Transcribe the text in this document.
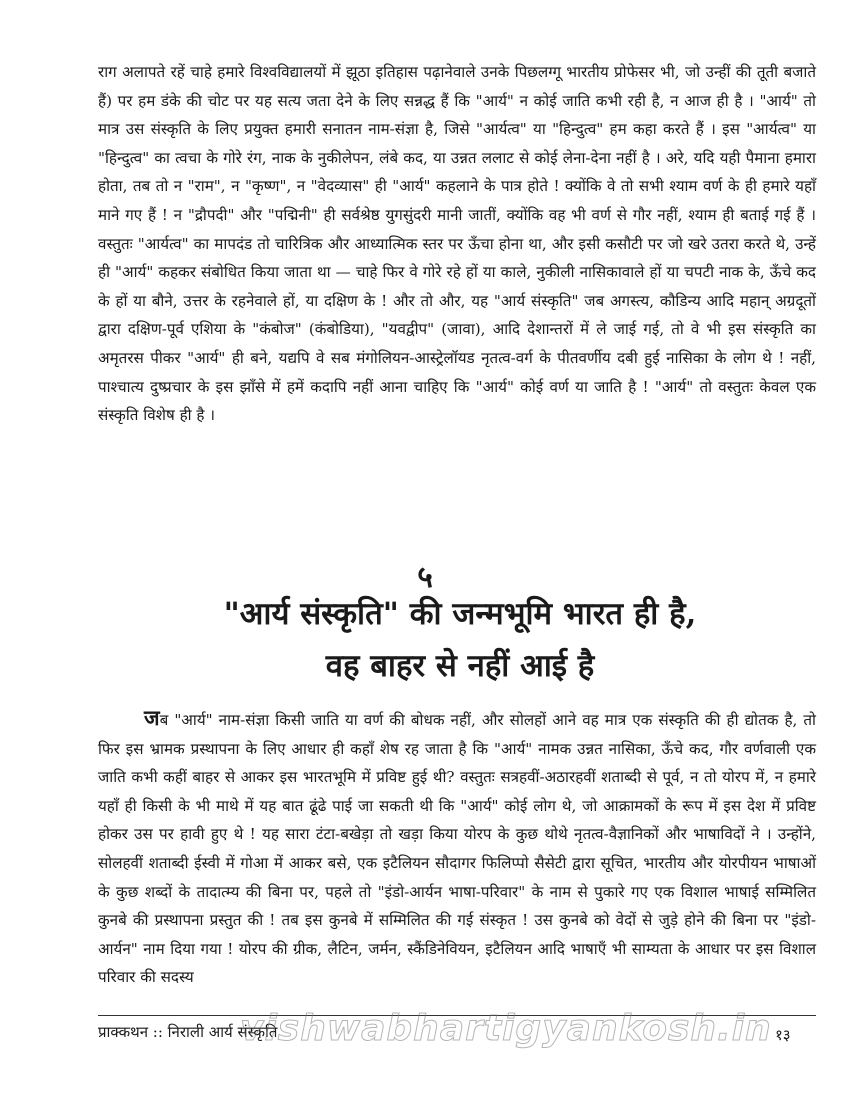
राग अलापते रहें चाहे हमारे विश्वविद्यालयों में झूठा इतिहास पढ़ानेवाले उनके पिछलग्गू भारतीय प्रोफेसर भी, जो उन्हीं की तूती बजाते हैं) पर हम डंके की चोट पर यह सत्य जता देने के लिए सन्नद्ध हैं कि "आर्य" न कोई जाति कभी रही है, न आज ही है । "आर्य" तो मात्र उस संस्कृति के लिए प्रयुक्त हमारी सनातन नाम-संज्ञा है, जिसे "आर्यत्व" या "हिन्दुत्व" हम कहा करते हैं । इस "आर्यत्व" या "हिन्दुत्व" का त्वचा के गोरे रंग, नाक के नुकीलेपन, लंबे कद, या उन्नत ललाट से कोई लेना-देना नहीं है । अरे, यदि यही पैमाना हमारा होता, तब तो न "राम", न "कृष्ण", न "वेदव्यास" ही "आर्य" कहलाने के पात्र होते ! क्योंकि वे तो सभी श्याम वर्ण के ही हमारे यहाँ माने गए हैं ! न "द्रौपदी" और "पद्मिनी" ही सर्वश्रेष्ठ युगसुंदरी मानी जातीं, क्योंकि वह भी वर्ण से गौर नहीं, श्याम ही बताई गई हैं । वस्तुतः "आर्यत्व" का मापदंड तो चारित्रिक और आध्यात्मिक स्तर पर ऊँचा होना था, और इसी कसौटी पर जो खरे उतरा करते थे, उन्हें ही "आर्य" कहकर संबोधित किया जाता था — चाहे फिर वे गोरे रहे हों या काले, नुकीली नासिकावाले हों या चपटी नाक के, ऊँचे कद के हों या बौने, उत्तर के रहनेवाले हों, या दक्षिण के ! और तो और, यह "आर्य संस्कृति" जब अगस्त्य, कौडिन्य आदि महान् अग्रदूतों द्वारा दक्षिण-पूर्व एशिया के "कंबोज" (कंबोडिया), "यवद्वीप" (जावा), आदि देशान्तरों में ले जाई गई, तो वे भी इस संस्कृति का अमृतरस पीकर "आर्य" ही बने, यद्यपि वे सब मंगोलियन-आस्ट्रेलॉयड नृतत्व-वर्ग के पीतवर्णीय दबी हुई नासिका के लोग थे ! नहीं, पाश्चात्य दुष्प्रचार के इस झाँसे में हमें कदापि नहीं आना चाहिए कि "आर्य" कोई वर्ण या जाति है ! "आर्य" तो वस्तुतः केवल एक संस्कृति विशेष ही है ।

५

"आर्य संस्कृति" की जन्मभूमि भारत ही है,
वह बाहर से नहीं आई है

जब "आर्य" नाम-संज्ञा किसी जाति या वर्ण की बोधक नहीं, और सोलहों आने वह मात्र एक संस्कृति की ही द्योतक है, तो फिर इस भ्रामक प्रस्थापना के लिए आधार ही कहाँ शेष रह जाता है कि "आर्य" नामक उन्नत नासिका, ऊँचे कद, गौर वर्णवाली एक जाति कभी कहीं बाहर से आकर इस भारतभूमि में प्रविष्ट हुई थी? वस्तुतः सत्रहवीं-अठारहवीं शताब्दी से पूर्व, न तो योरप में, न हमारे यहाँ ही किसी के भी माथे में यह बात ढूंढे पाई जा सकती थी कि "आर्य" कोई लोग थे, जो आक्रामकों के रूप में इस देश में प्रविष्ट होकर उस पर हावी हुए थे ! यह सारा टंटा-बखेड़ा तो खड़ा किया योरप के कुछ थोथे नृतत्व-वैज्ञानिकों और भाषाविदों ने । उन्होंने, सोलहवीं शताब्दी ईस्वी में गोआ में आकर बसे, एक इटैलियन सौदागर फिलिप्पो सैसेटी द्वारा सूचित, भारतीय और योरपीयन भाषाओं के कुछ शब्दों के तादात्म्य की बिना पर, पहले तो "इंडो-आर्यन भाषा-परिवार" के नाम से पुकारे गए एक विशाल भाषाई सम्मिलित कुनबे की प्रस्थापना प्रस्तुत की ! तब इस कुनबे में सम्मिलित की गई संस्कृत ! उस कुनबे को वेदों से जुड़े होने की बिना पर "इंडो-आर्यन" नाम दिया गया ! योरप की ग्रीक, लैटिन, जर्मन, स्कैंडिनेवियन, इटैलियन आदि भाषाएँ भी साम्यता के आधार पर इस विशाल परिवार की सदस्य

प्राक्कथन :: निराली आर्य संस्कृति

vishwabhartigyankosh.in १३
